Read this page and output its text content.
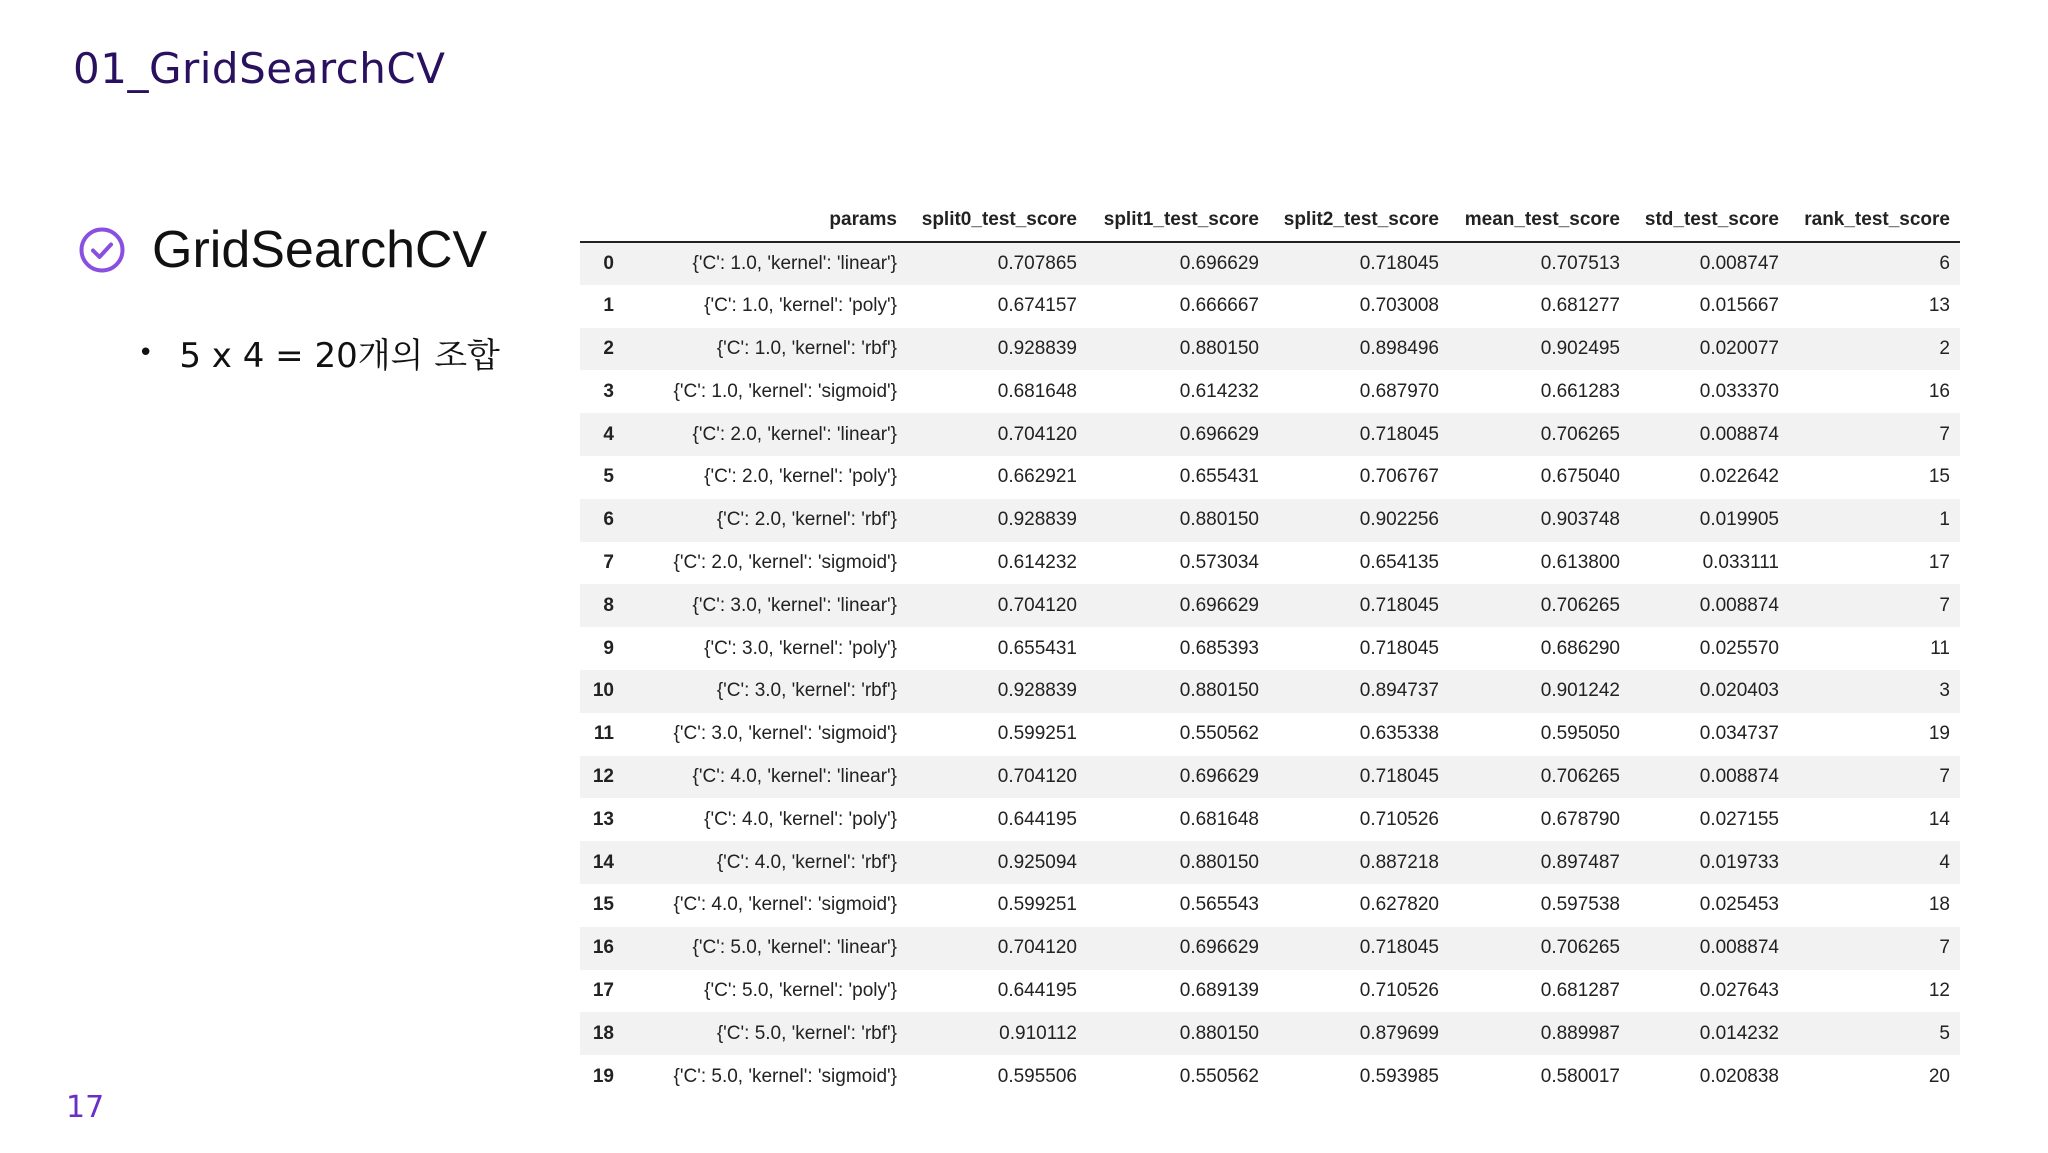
01_GridSearchCV
GridSearchCV
• 5 x 4 = 20개의 조합
	params	split0_test_score	split1_test_score	split2_test_score	mean_test_score	std_test_score	rank_test_score
0	{'C': 1.0, 'kernel': 'linear'}	0.707865	0.696629	0.718045	0.707513	0.008747	6
1	{'C': 1.0, 'kernel': 'poly'}	0.674157	0.666667	0.703008	0.681277	0.015667	13
2	{'C': 1.0, 'kernel': 'rbf'}	0.928839	0.880150	0.898496	0.902495	0.020077	2
3	{'C': 1.0, 'kernel': 'sigmoid'}	0.681648	0.614232	0.687970	0.661283	0.033370	16
4	{'C': 2.0, 'kernel': 'linear'}	0.704120	0.696629	0.718045	0.706265	0.008874	7
5	{'C': 2.0, 'kernel': 'poly'}	0.662921	0.655431	0.706767	0.675040	0.022642	15
6	{'C': 2.0, 'kernel': 'rbf'}	0.928839	0.880150	0.902256	0.903748	0.019905	1
7	{'C': 2.0, 'kernel': 'sigmoid'}	0.614232	0.573034	0.654135	0.613800	0.033111	17
8	{'C': 3.0, 'kernel': 'linear'}	0.704120	0.696629	0.718045	0.706265	0.008874	7
9	{'C': 3.0, 'kernel': 'poly'}	0.655431	0.685393	0.718045	0.686290	0.025570	11
10	{'C': 3.0, 'kernel': 'rbf'}	0.928839	0.880150	0.894737	0.901242	0.020403	3
11	{'C': 3.0, 'kernel': 'sigmoid'}	0.599251	0.550562	0.635338	0.595050	0.034737	19
12	{'C': 4.0, 'kernel': 'linear'}	0.704120	0.696629	0.718045	0.706265	0.008874	7
13	{'C': 4.0, 'kernel': 'poly'}	0.644195	0.681648	0.710526	0.678790	0.027155	14
14	{'C': 4.0, 'kernel': 'rbf'}	0.925094	0.880150	0.887218	0.897487	0.019733	4
15	{'C': 4.0, 'kernel': 'sigmoid'}	0.599251	0.565543	0.627820	0.597538	0.025453	18
16	{'C': 5.0, 'kernel': 'linear'}	0.704120	0.696629	0.718045	0.706265	0.008874	7
17	{'C': 5.0, 'kernel': 'poly'}	0.644195	0.689139	0.710526	0.681287	0.027643	12
18	{'C': 5.0, 'kernel': 'rbf'}	0.910112	0.880150	0.879699	0.889987	0.014232	5
19	{'C': 5.0, 'kernel': 'sigmoid'}	0.595506	0.550562	0.593985	0.580017	0.020838	20
17
